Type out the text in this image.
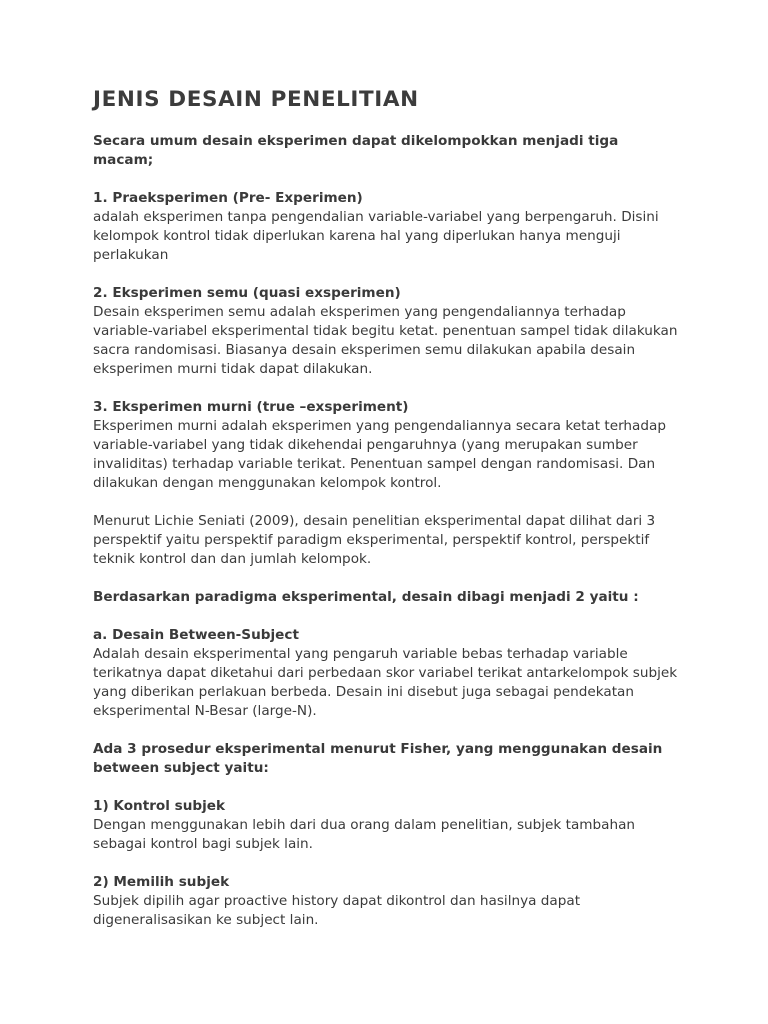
JENIS DESAIN PENELITIAN

Secara umum desain eksperimen dapat dikelompokkan menjadi tiga macam;

1. Praeksperimen (Pre- Experimen)

adalah eksperimen tanpa pengendalian variable-variabel yang berpengaruh. Disini kelompok kontrol tidak diperlukan karena hal yang diperlukan hanya menguji perlakukan

2. Eksperimen semu (quasi exsperimen)

Desain eksperimen semu adalah eksperimen yang pengendaliannya terhadap variable-variabel eksperimental tidak begitu ketat. penentuan sampel tidak dilakukan sacra randomisasi. Biasanya desain eksperimen semu dilakukan apabila desain eksperimen murni tidak dapat dilakukan.

3. Eksperimen murni (true –exsperiment)

Eksperimen murni adalah eksperimen yang pengendaliannya secara ketat terhadap variable-variabel yang tidak dikehendai pengaruhnya (yang merupakan sumber invaliditas) terhadap variable terikat. Penentuan sampel dengan randomisasi. Dan dilakukan dengan menggunakan kelompok kontrol.

Menurut Lichie Seniati (2009), desain penelitian eksperimental dapat dilihat dari 3 perspektif yaitu perspektif paradigm eksperimental, perspektif kontrol, perspektif teknik kontrol dan dan jumlah kelompok.

Berdasarkan paradigma eksperimental, desain dibagi menjadi 2 yaitu :

a. Desain Between-Subject

Adalah desain eksperimental yang pengaruh variable bebas terhadap variable terikatnya dapat diketahui dari perbedaan skor variabel terikat antarkelompok subjek yang diberikan perlakuan berbeda. Desain ini disebut juga sebagai pendekatan eksperimental N-Besar (large-N).

Ada 3 prosedur eksperimental menurut Fisher, yang menggunakan desain between subject yaitu:

1) Kontrol subjek

Dengan menggunakan lebih dari dua orang dalam penelitian, subjek tambahan sebagai kontrol bagi subjek lain.

2) Memilih subjek

Subjek dipilih agar proactive history dapat dikontrol dan hasilnya dapat digeneralisasikan ke subject lain.
